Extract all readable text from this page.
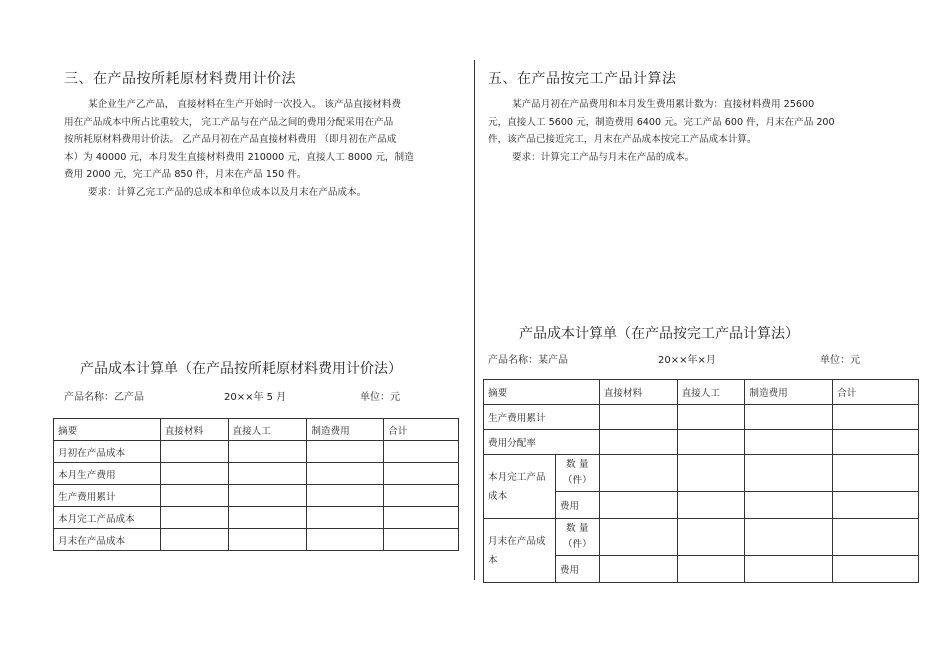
三、在产品按所耗原材料费用计价法

某企业生产乙产品， 直接材料在生产开始时一次投入。 该产品直接材料费

用在产品成本中所占比重较大， 完工产品与在产品之间的费用分配采用在产品

按所耗原材料费用计价法。 乙产品月初在产品直接材料费用 （即月初在产品成

本）为 40000 元，本月发生直接材料费用 210000 元，直接人工 8000 元，制造

费用 2000 元，完工产品 850 件，月末在产品 150 件。

要求：计算乙完工产品的总成本和单位成本以及月末在产品成本。

产品成本计算单（在产品按所耗原材料费用计价法）
产品名称：乙产品	20××年 5 月	单位：元
摘要	直接材料	直接人工	制造费用	合计
月初在产品成本				
本月生产费用				
生产费用累计				
本月完工产品成本				
月末在产品成本				
五、在产品按完工产品计算法

某产品月初在产品费用和本月发生费用累计数为：直接材料费用 25600

元，直接人工 5600 元，制造费用 6400 元。完工产品 600 件，月末在产品 200

件，该产品已接近完工，月末在产品成本按完工产品成本计算。

要求：计算完工产品与月末在产品的成本。

产品成本计算单（在产品按完工产品计算法）
产品名称：某产品	20××年×月	单位：元
摘要		直接材料	直接人工	制造费用	合计
生产费用累计					
费用分配率					
本月完工产品成本	数 量（件）				
	费用				
月末在产品成本	数 量（件）				
	费用				
